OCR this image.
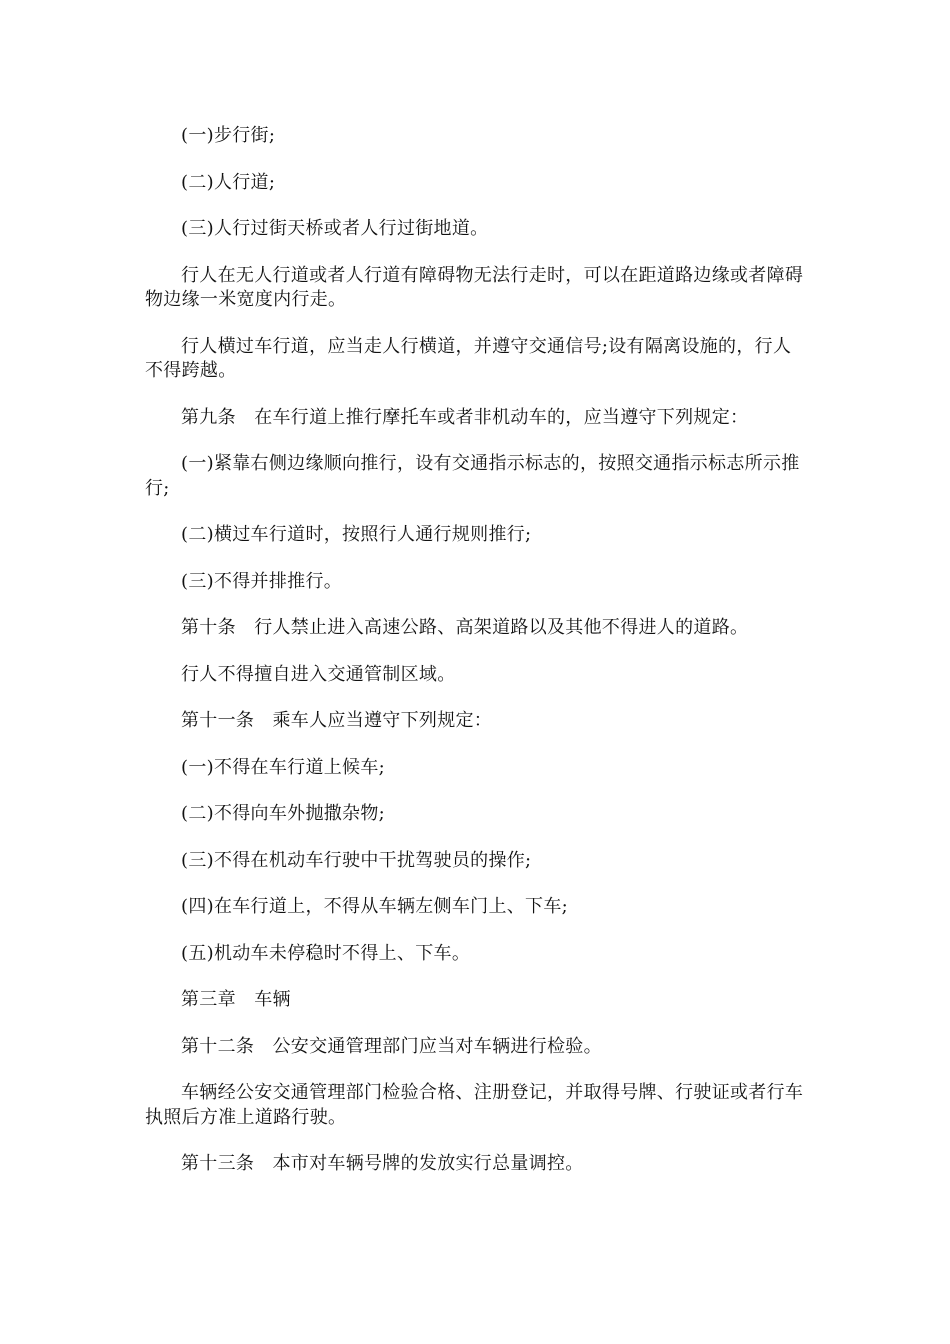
(一)步行街;

(二)人行道;

(三)人行过街天桥或者人行过街地道。

行人在无人行道或者人行道有障碍物无法行走时，可以在距道路边缘或者障碍物边缘一米宽度内行走。

行人横过车行道，应当走人行横道，并遵守交通信号;设有隔离设施的，行人不得跨越。

第九条　在车行道上推行摩托车或者非机动车的，应当遵守下列规定：

(一)紧靠右侧边缘顺向推行，设有交通指示标志的，按照交通指示标志所示推行;

(二)横过车行道时，按照行人通行规则推行;

(三)不得并排推行。

第十条　行人禁止进入高速公路、高架道路以及其他不得进人的道路。

行人不得擅自进入交通管制区域。

第十一条　乘车人应当遵守下列规定：

(一)不得在车行道上候车;

(二)不得向车外抛撒杂物;

(三)不得在机动车行驶中干扰驾驶员的操作;

(四)在车行道上，不得从车辆左侧车门上、下车;

(五)机动车未停稳时不得上、下车。

第三章　车辆

第十二条　公安交通管理部门应当对车辆进行检验。

车辆经公安交通管理部门检验合格、注册登记，并取得号牌、行驶证或者行车执照后方准上道路行驶。

第十三条　本市对车辆号牌的发放实行总量调控。
